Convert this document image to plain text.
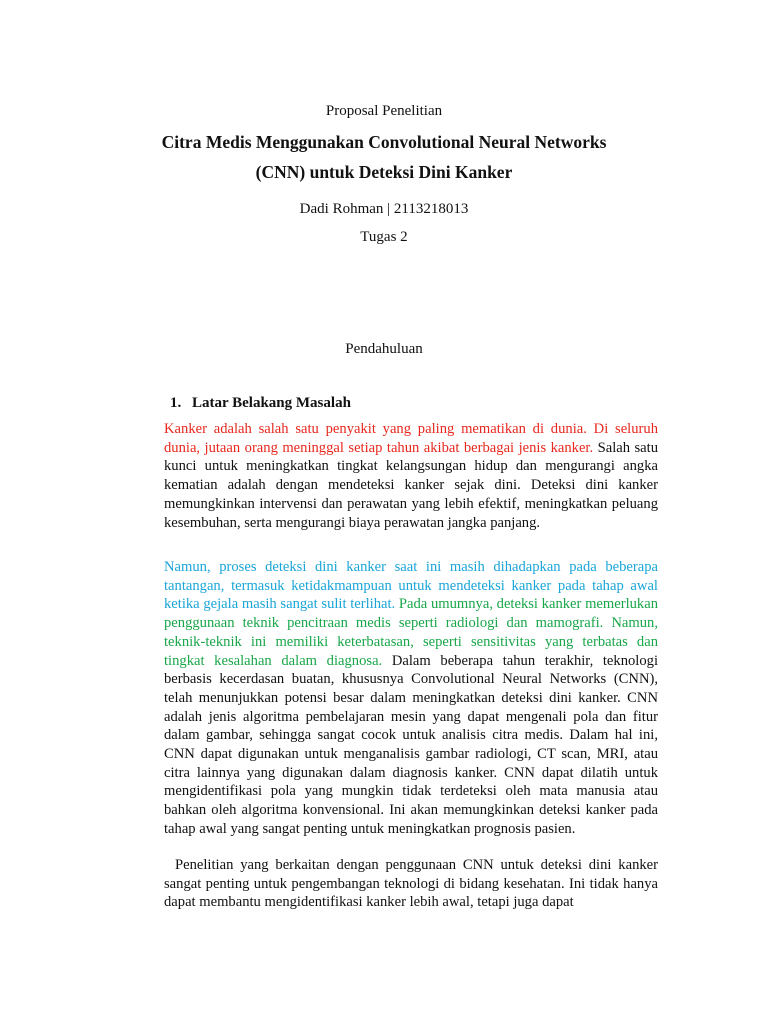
Proposal Penelitian
Citra Medis Menggunakan Convolutional Neural Networks
(CNN) untuk Deteksi Dini Kanker
Dadi Rohman | 2113218013
Tugas 2
Pendahuluan
1. Latar Belakang Masalah

Kanker adalah salah satu penyakit yang paling mematikan di dunia. Di seluruh dunia, jutaan orang meninggal setiap tahun akibat berbagai jenis kanker. Salah satu kunci untuk meningkatkan tingkat kelangsungan hidup dan mengurangi angka kematian adalah dengan mendeteksi kanker sejak dini. Deteksi dini kanker memungkinkan intervensi dan perawatan yang lebih efektif, meningkatkan peluang kesembuhan, serta mengurangi biaya perawatan jangka panjang.

Namun, proses deteksi dini kanker saat ini masih dihadapkan pada beberapa tantangan, termasuk ketidakmampuan untuk mendeteksi kanker pada tahap awal ketika gejala masih sangat sulit terlihat. Pada umumnya, deteksi kanker memerlukan penggunaan teknik pencitraan medis seperti radiologi dan mamografi. Namun, teknik-teknik ini memiliki keterbatasan, seperti sensitivitas yang terbatas dan tingkat kesalahan dalam diagnosa. Dalam beberapa tahun terakhir, teknologi berbasis kecerdasan buatan, khususnya Convolutional Neural Networks (CNN), telah menunjukkan potensi besar dalam meningkatkan deteksi dini kanker. CNN adalah jenis algoritma pembelajaran mesin yang dapat mengenali pola dan fitur dalam gambar, sehingga sangat cocok untuk analisis citra medis. Dalam hal ini, CNN dapat digunakan untuk menganalisis gambar radiologi, CT scan, MRI, atau citra lainnya yang digunakan dalam diagnosis kanker. CNN dapat dilatih untuk mengidentifikasi pola yang mungkin tidak terdeteksi oleh mata manusia atau bahkan oleh algoritma konvensional. Ini akan memungkinkan deteksi kanker pada tahap awal yang sangat penting untuk meningkatkan prognosis pasien.

Penelitian yang berkaitan dengan penggunaan CNN untuk deteksi dini kanker sangat penting untuk pengembangan teknologi di bidang kesehatan. Ini tidak hanya dapat membantu mengidentifikasi kanker lebih awal, tetapi juga dapat
